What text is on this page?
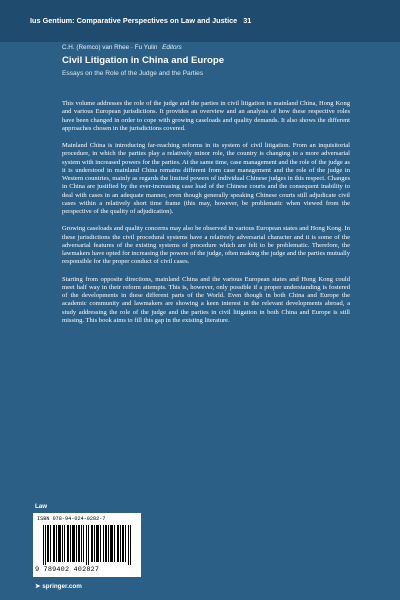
Ius Gentium: Comparative Perspectives on Law and Justice 31
C.H. (Remco) van Rhee · Fu Yulin Editors
Civil Litigation in China and Europe
Essays on the Role of the Judge and the Parties

This volume addresses the role of the judge and the parties in civil litigation in mainland China, Hong Kong and various European jurisdictions. It provides an overview and an analysis of how these respective roles have been changed in order to cope with growing caseloads and quality demands. It also shows the different approaches chosen in the jurisdictions covered.

Mainland China is introducing far-reaching reforms in its system of civil litigation. From an inquisitorial procedure, in which the parties play a relatively minor role, the country is changing to a more adversarial system with increased powers for the parties. At the same time, case management and the role of the judge as it is understood in mainland China remains different from case management and the role of the judge in Western countries, mainly as regards the limited powers of individual Chinese judges in this respect. Changes in China are justified by the ever-increasing case load of the Chinese courts and the consequent inability to deal with cases in an adequate manner, even though generally speaking Chinese courts still adjudicate civil cases within a relatively short time frame (this may, however, be problematic when viewed from the perspective of the quality of adjudication).

Growing caseloads and quality concerns may also be observed in various European states and Hong Kong. In these jurisdictions the civil procedural systems have a relatively adversarial character and it is some of the adversarial features of the existing systems of procedure which are felt to be problematic. Therefore, the lawmakers have opted for increasing the powers of the judge, often making the judge and the parties mutually responsible for the proper conduct of civil cases.

Starting from opposite directions, mainland China and the various European states and Hong Kong could meet half way in their reform attempts. This is, however, only possible if a proper understanding is fostered of the developments in these different parts of the World. Even though in both China and Europe the academic community and lawmakers are showing a keen interest in the relevant developments abroad, a study addressing the role of the judge and the parties in civil litigation in both China and Europe is still missing. This book aims to fill this gap in the existing literature.

Law
ISBN 978-94-024-0282-7
9 789402 402827
➤ springer.com
